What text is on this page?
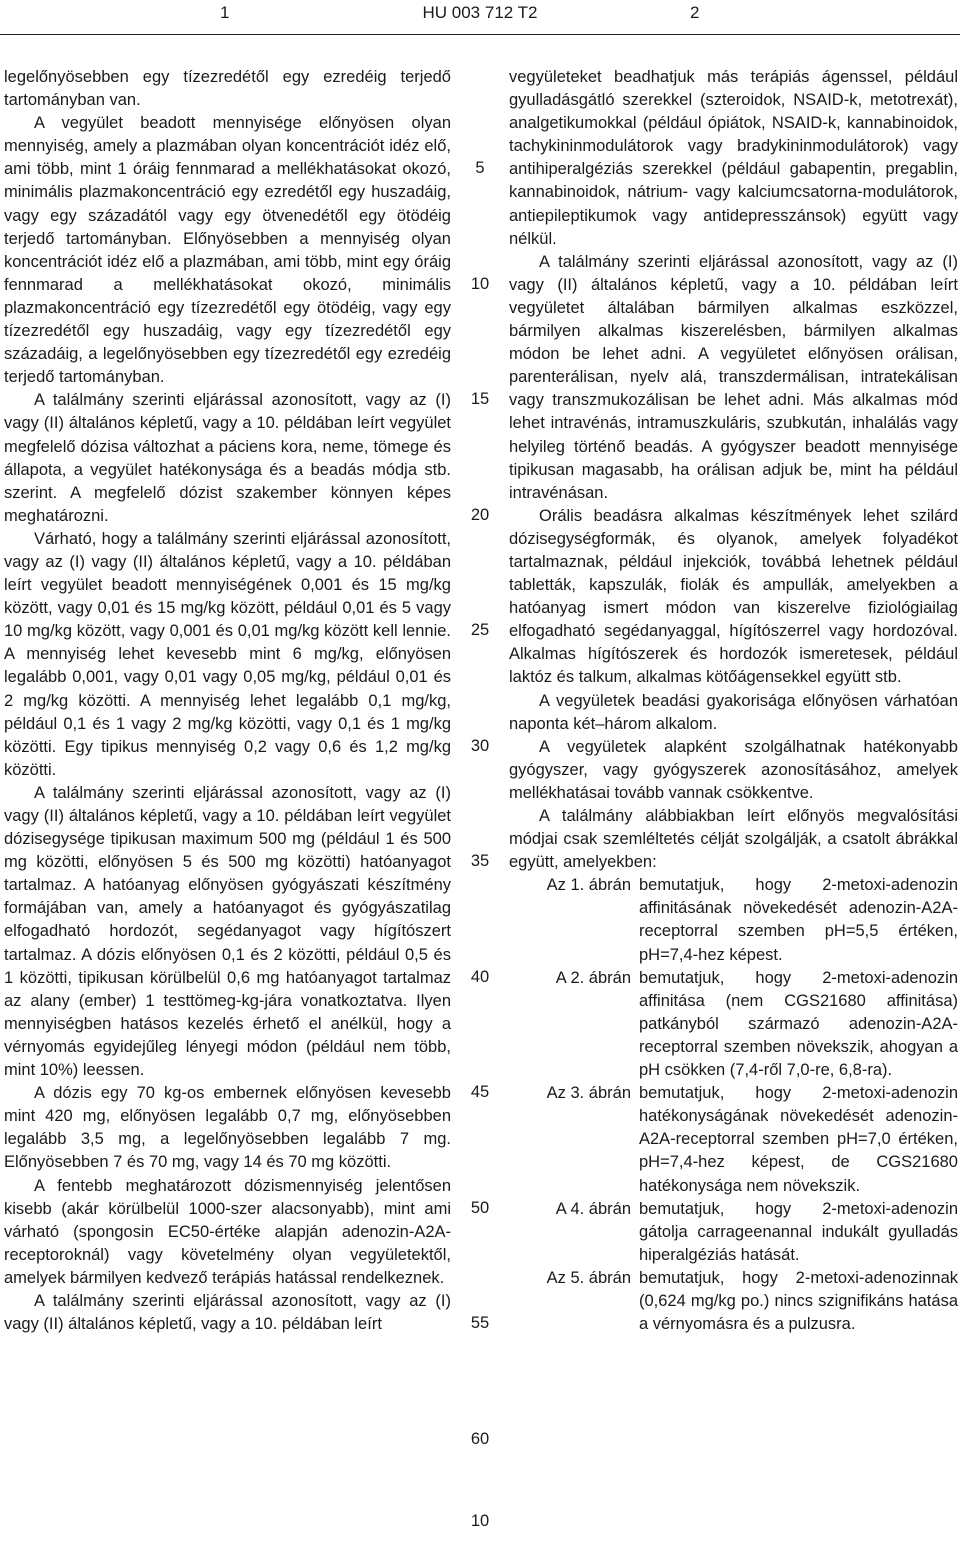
1	HU 003 712 T2	2

legelőnyösebben egy tízezredétől egy ezredéig terjedő tartományban van.

A vegyület beadott mennyisége előnyösen olyan mennyiség, amely a plazmában olyan koncentrációt idéz elő, ami több, mint 1 óráig fennmarad a mellékhatásokat okozó, minimális plazmakoncentráció egy ezredétől egy huszadáig, vagy egy századától vagy egy ötvenedétől egy ötödéig terjedő tartományban. Előnyösebben a mennyiség olyan koncentrációt idéz elő a plazmában, ami több, mint egy óráig fennmarad a mellékhatásokat okozó, minimális plazmakoncentráció egy tízezredétől egy ötödéig, vagy egy tízezredétől egy huszadáig, vagy egy tízezredétől egy századáig, a legelőnyösebben egy tízezredétől egy ezredéig terjedő tartományban.

A találmány szerinti eljárással azonosított, vagy az (I) vagy (II) általános képletű, vagy a 10. példában leírt vegyület megfelelő dózisa változhat a páciens kora, neme, tömege és állapota, a vegyület hatékonysága és a beadás módja stb. szerint. A megfelelő dózist szakember könnyen képes meghatározni.

Várható, hogy a találmány szerinti eljárással azonosított, vagy az (I) vagy (II) általános képletű, vagy a 10. példában leírt vegyület beadott mennyiségének 0,001 és 15 mg/kg között, vagy 0,01 és 15 mg/kg között, például 0,01 és 5 vagy 10 mg/kg között, vagy 0,001 és 0,01 mg/kg között kell lennie. A mennyiség lehet kevesebb mint 6 mg/kg, előnyösen legalább 0,001, vagy 0,01 vagy 0,05 mg/kg, például 0,01 és 2 mg/kg közötti. A mennyiség lehet legalább 0,1 mg/kg, például 0,1 és 1 vagy 2 mg/kg közötti, vagy 0,1 és 1 mg/kg közötti. Egy tipikus mennyiség 0,2 vagy 0,6 és 1,2 mg/kg közötti.

A találmány szerinti eljárással azonosított, vagy az (I) vagy (II) általános képletű, vagy a 10. példában leírt vegyület dózisegysége tipikusan maximum 500 mg (például 1 és 500 mg közötti, előnyösen 5 és 500 mg közötti) hatóanyagot tartalmaz. A hatóanyag előnyösen gyógyászati készítmény formájában van, amely a hatóanyagot és gyógyászatilag elfogadható hordozót, segédanyagot vagy hígítószert tartalmaz. A dózis előnyösen 0,1 és 2 közötti, például 0,5 és 1 közötti, tipikusan körülbelül 0,6 mg hatóanyagot tartalmaz az alany (ember) 1 testtömeg-kg-jára vonatkoztatva. Ilyen mennyiségben hatásos kezelés érhető el anélkül, hogy a vérnyomás egyidejűleg lényegi módon (például nem több, mint 10%) leessen.

A dózis egy 70 kg-os embernek előnyösen kevesebb mint 420 mg, előnyösen legalább 0,7 mg, előnyösebben legalább 3,5 mg, a legelőnyösebben legalább 7 mg. Előnyösebben 7 és 70 mg, vagy 14 és 70 mg közötti.

A fentebb meghatározott dózismennyiség jelentősen kisebb (akár körülbelül 1000-szer alacsonyabb), mint ami várható (spongosin EC50-értéke alapján adenozin-A2A-receptoroknál) vagy követelmény olyan vegyületektől, amelyek bármilyen kedvező terápiás hatással rendelkeznek.

A találmány szerinti eljárással azonosított, vagy az (I) vagy (II) általános képletű, vagy a 10. példában leírt

vegyületeket beadhatjuk más terápiás ágenssel, például gyulladásgátló szerekkel (szteroidok, NSAID-k, metotrexát), analgetikumokkal (például ópiátok, NSAID-k, kannabinoidok, tachykininmodulátorok vagy bradykininmodulátorok) vagy antihiperalgéziás szerekkel (például gabapentin, pregablin, kannabinoidok, nátrium- vagy kalciumcsatorna-modulátorok, antiepileptikumok vagy antidepresszánsok) együtt vagy nélkül.

A találmány szerinti eljárással azonosított, vagy az (I) vagy (II) általános képletű, vagy a 10. példában leírt vegyületet általában bármilyen alkalmas eszközzel, bármilyen alkalmas kiszerelésben, bármilyen alkalmas módon be lehet adni. A vegyületet előnyösen orálisan, parenterálisan, nyelv alá, transzdermálisan, intratekálisan vagy transzmukozálisan be lehet adni. Más alkalmas mód lehet intravénás, intramuszkuláris, szubkután, inhalálás vagy helyileg történő beadás. A gyógyszer beadott mennyisége tipikusan magasabb, ha orálisan adjuk be, mint ha például intravénásan.

Orális beadásra alkalmas készítmények lehet szilárd dózisegységformák, és olyanok, amelyek folyadékot tartalmaznak, például injekciók, továbbá lehetnek például tabletták, kapszulák, fiolák és ampullák, amelyekben a hatóanyag ismert módon van kiszerelve fiziológiailag elfogadható segédanyaggal, hígítószerrel vagy hordozóval. Alkalmas hígítószerek és hordozók ismeretesek, például laktóz és talkum, alkalmas kötőágensekkel együtt stb.

A vegyületek beadási gyakorisága előnyösen várhatóan naponta két–három alkalom.

A vegyületek alapként szolgálhatnak hatékonyabb gyógyszer, vagy gyógyszerek azonosításához, amelyek mellékhatásai tovább vannak csökkentve.

A találmány alábbiakban leírt előnyös megvalósítási módjai csak szemléltetés célját szolgálják, a csatolt ábrákkal együtt, amelyekben:

Az 1. ábrán bemutatjuk, hogy 2-metoxi-adenozin affinitásának növekedését adenozin-A2A-receptorral szemben pH=5,5 értéken, pH=7,4-hez képest.
A 2. ábrán bemutatjuk, hogy 2-metoxi-adenozin affinitása (nem CGS21680 affinitása) patkányból származó adenozin-A2A-receptorral szemben növekszik, ahogyan a pH csökken (7,4-ről 7,0-re, 6,8-ra).
Az 3. ábrán bemutatjuk, hogy 2-metoxi-adenozin hatékonyságának növekedését adenozin-A2A-receptorral szemben pH=7,0 értéken, pH=7,4-hez képest, de CGS21680 hatékonysága nem növekszik.
A 4. ábrán bemutatjuk, hogy 2-metoxi-adenozin gátolja carrageenannal indukált gyulladás hiperalgéziás hatását.
Az 5. ábrán bemutatjuk, hogy 2-metoxi-adenozinnak (0,624 mg/kg po.) nincs szignifikáns hatása a vérnyomásra és a pulzusra.
5
10
15
20
25
30
35
40
45
50
55
60
10
